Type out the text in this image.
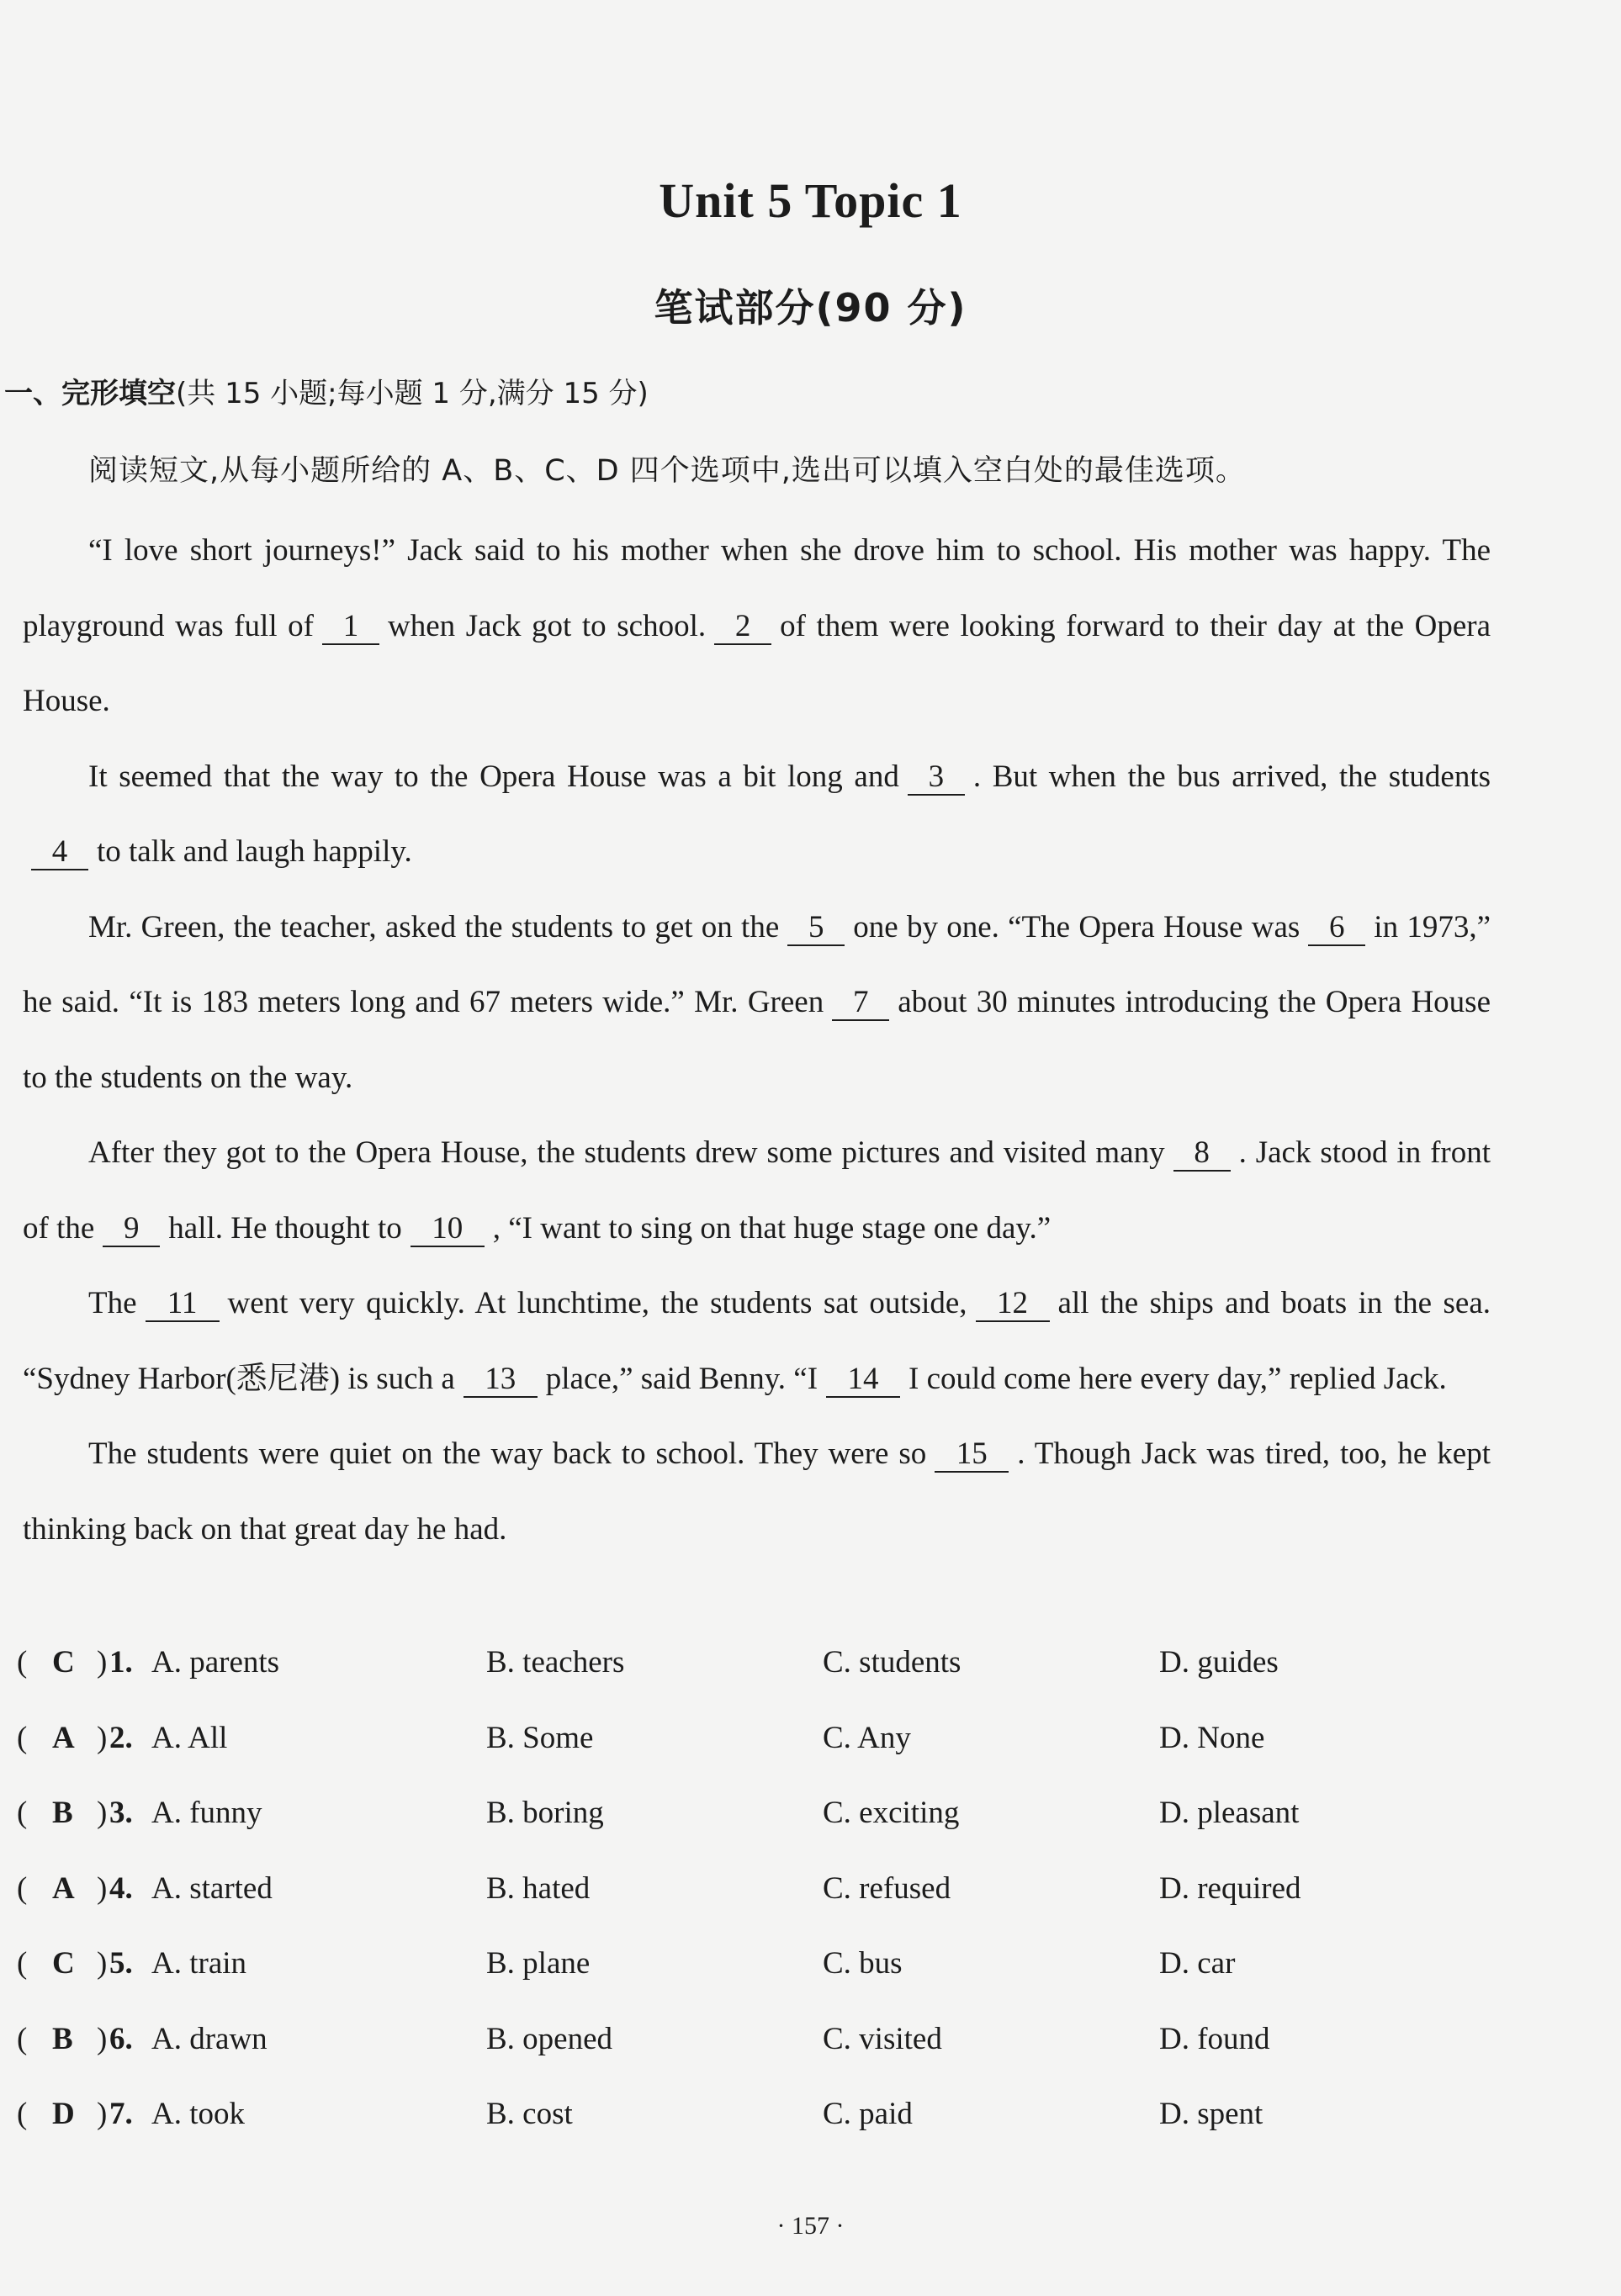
Unit 5 Topic 1
笔试部分(90 分)
一、完形填空(共 15 小题;每小题 1 分,满分 15 分)
阅读短文,从每小题所给的 A、B、C、D 四个选项中,选出可以填入空白处的最佳选项。

“I love short journeys!” Jack said to his mother when she drove him to school. His mother was happy. The playground was full of 1 when Jack got to school. 2 of them were looking forward to their day at the Opera House.

It seemed that the way to the Opera House was a bit long and 3 . But when the bus arrived, the students4 to talk and laugh happily.

Mr. Green, the teacher, asked the students to get on the 5 one by one. “The Opera House was 6 in 1973,” he said. “It is 183 meters long and 67 meters wide.” Mr. Green 7 about 30 minutes introducing the Opera House to the students on the way.

After they got to the Opera House, the students drew some pictures and visited many 8 . Jack stood in front of the 9 hall. He thought to 10 , “I want to sing on that huge stage one day.”

The 11 went very quickly. At lunchtime, the students sat outside, 12 all the ships and boats in the sea. “Sydney Harbor(悉尼港) is such a 13 place,” said Benny. “I 14 I could come here every day,” replied Jack.

The students were quiet on the way back to school. They were so 15 . Though Jack was tired, too, he kept thinking back on that great day he had.

( C ) 1. A. parents	B. teachers	C. students	D. guides
( A ) 2. A. All	B. Some	C. Any	D. None
( B ) 3. A. funny	B. boring	C. exciting	D. pleasant
( A ) 4. A. started	B. hated	C. refused	D. required
( C ) 5. A. train	B. plane	C. bus	D. car
( B ) 6. A. drawn	B. opened	C. visited	D. found
( D ) 7. A. took	B. cost	C. paid	D. spent
· 157 ·
